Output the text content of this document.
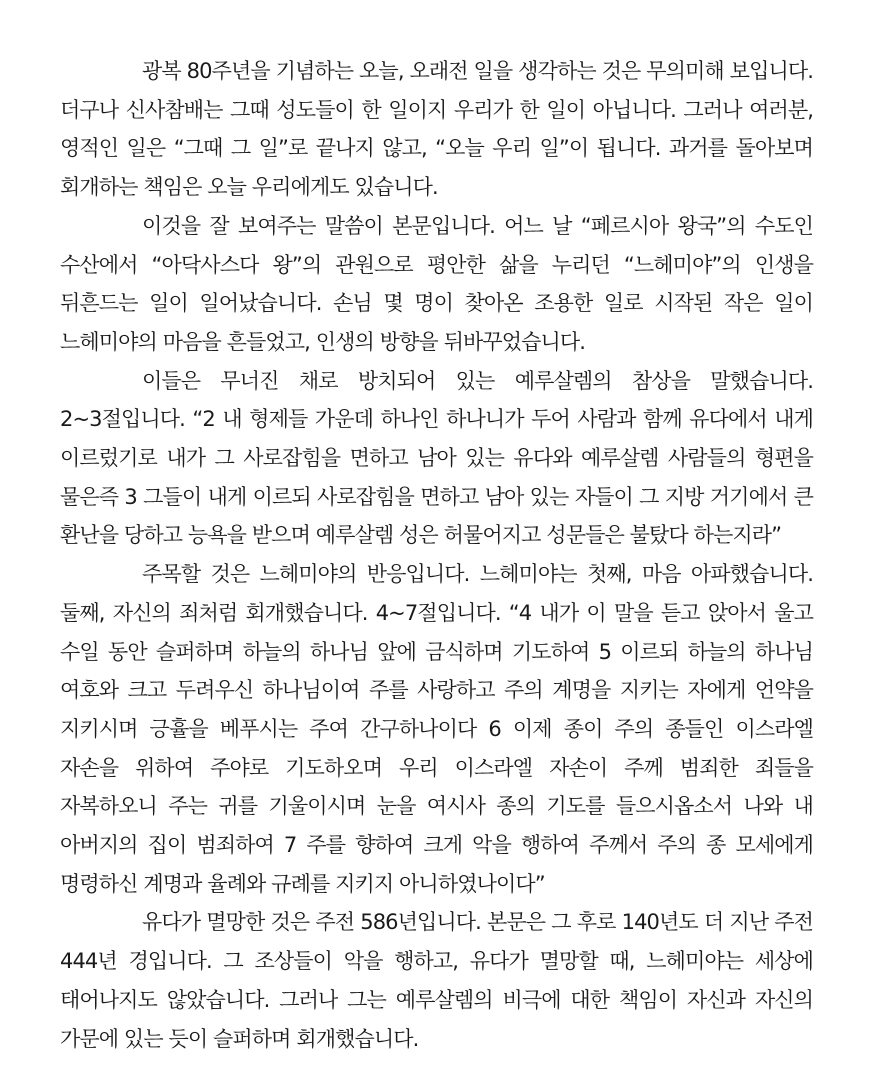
광복 80주년을 기념하는 오늘, 오래전 일을 생각하는 것은 무의미해 보입니다. 더구나 신사참배는 그때 성도들이 한 일이지 우리가 한 일이 아닙니다. 그러나 여러분, 영적인 일은 “그때 그 일”로 끝나지 않고, “오늘 우리 일”이 됩니다. 과거를 돌아보며 회개하는 책임은 오늘 우리에게도 있습니다.

이것을 잘 보여주는 말씀이 본문입니다. 어느 날 “페르시아 왕국”의 수도인 수산에서 “아닥사스다 왕”의 관원으로 평안한 삶을 누리던 “느헤미야”의 인생을 뒤흔드는 일이 일어났습니다. 손님 몇 명이 찾아온 조용한 일로 시작된 작은 일이 느헤미야의 마음을 흔들었고, 인생의 방향을 뒤바꾸었습니다.

이들은 무너진 채로 방치되어 있는 예루살렘의 참상을 말했습니다. 2~3절입니다. “2 내 형제들 가운데 하나인 하나니가 두어 사람과 함께 유다에서 내게 이르렀기로 내가 그 사로잡힘을 면하고 남아 있는 유다와 예루살렘 사람들의 형편을 물은즉 3 그들이 내게 이르되 사로잡힘을 면하고 남아 있는 자들이 그 지방 거기에서 큰 환난을 당하고 능욕을 받으며 예루살렘 성은 허물어지고 성문들은 불탔다 하는지라”

주목할 것은 느헤미야의 반응입니다. 느헤미야는 첫째, 마음 아파했습니다. 둘째, 자신의 죄처럼 회개했습니다. 4~7절입니다. “4 내가 이 말을 듣고 앉아서 울고 수일 동안 슬퍼하며 하늘의 하나님 앞에 금식하며 기도하여 5 이르되 하늘의 하나님 여호와 크고 두려우신 하나님이여 주를 사랑하고 주의 계명을 지키는 자에게 언약을 지키시며 긍휼을 베푸시는 주여 간구하나이다 6 이제 종이 주의 종들인 이스라엘 자손을 위하여 주야로 기도하오며 우리 이스라엘 자손이 주께 범죄한 죄들을 자복하오니 주는 귀를 기울이시며 눈을 여시사 종의 기도를 들으시옵소서 나와 내 아버지의 집이 범죄하여 7 주를 향하여 크게 악을 행하여 주께서 주의 종 모세에게 명령하신 계명과 율례와 규례를 지키지 아니하였나이다”

유다가 멸망한 것은 주전 586년입니다. 본문은 그 후로 140년도 더 지난 주전 444년 경입니다. 그 조상들이 악을 행하고, 유다가 멸망할 때, 느헤미야는 세상에 태어나지도 않았습니다. 그러나 그는 예루살렘의 비극에 대한 책임이 자신과 자신의 가문에 있는 듯이 슬퍼하며 회개했습니다.
